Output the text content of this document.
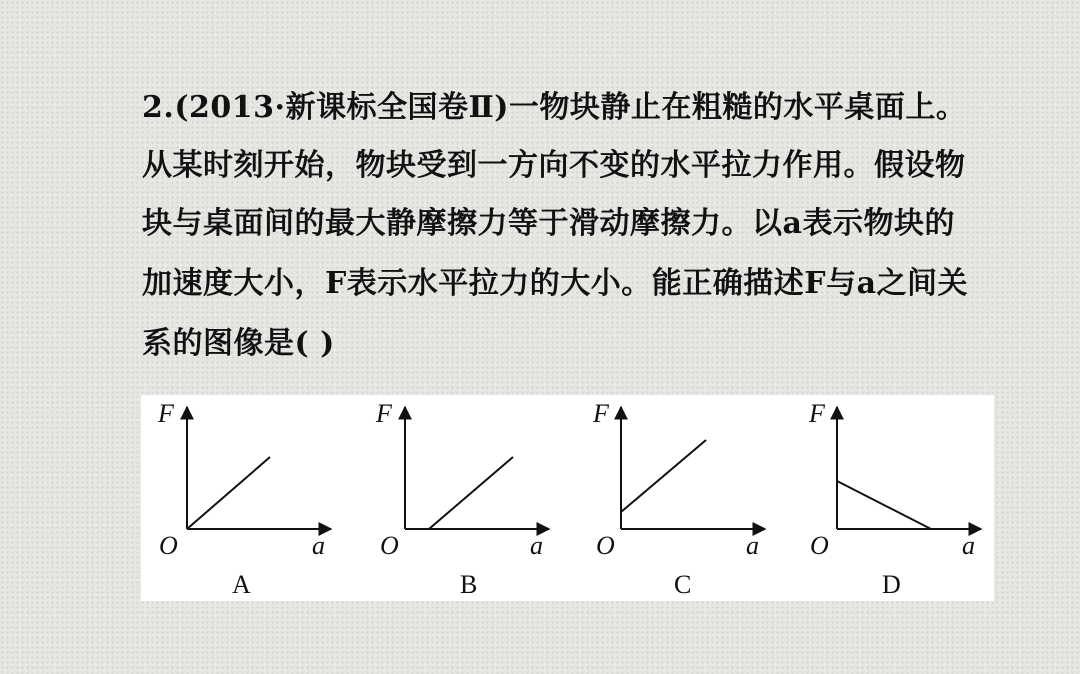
2.(2013·新课标全国卷Ⅱ)一物块静止在粗糙的水平桌面上。
从某时刻开始，物块受到一方向不变的水平拉力作用。假设物
块与桌面间的最大静摩擦力等于滑动摩擦力。以a表示物块的
加速度大小，F表示水平拉力的大小。能正确描述F与a之间关
系的图像是( )
F
O	a
A
F
O	a
B
F
O	a
C
F
O	a
D
